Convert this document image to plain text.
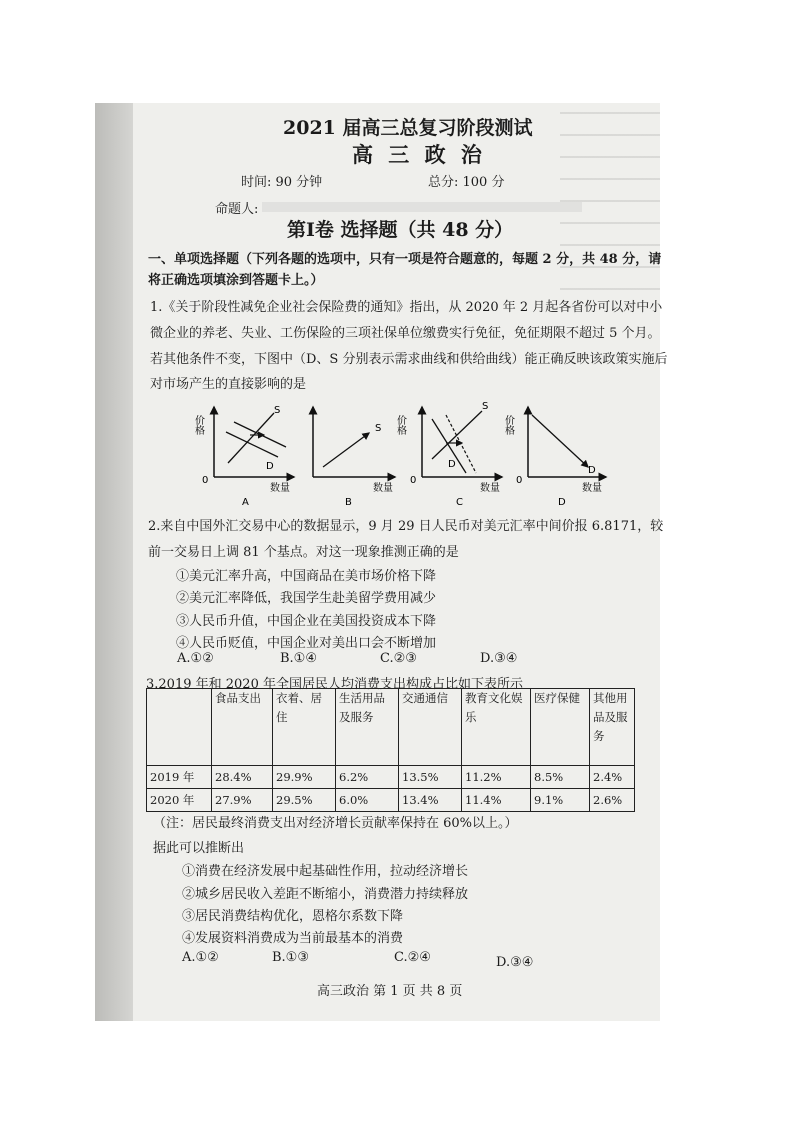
2021 届高三总复习阶段测试
高 三 政 治
时间: 90 分钟	总分: 100 分
命题人:
第Ⅰ卷 选择题（共 48 分）
一、单项选择题（下列各题的选项中，只有一项是符合题意的，每题 2 分，共 48 分，请
将正确选项填涂到答题卡上。）
1.《关于阶段性减免企业社会保险费的通知》指出，从 2020 年 2 月起各省份可以对中小
微企业的养老、失业、工伤保险的三项社保单位缴费实行免征，免征期限不超过 5 个月。
若其他条件不变，下图中（D、S 分别表示需求曲线和供给曲线）能正确反映该政策实施后
对市场产生的直接影响的是
价格
数量
0
S
D
A
S
数量
B
价格
S
D
0
数量
C
价格
D
0
数量
D
2.来自中国外汇交易中心的数据显示，9 月 29 日人民币对美元汇率中间价报 6.8171，较
前一交易日上调 81 个基点。对这一现象推测正确的是
①美元汇率升高，中国商品在美市场价格下降
②美元汇率降低，我国学生赴美留学费用减少
③人民币升值，中国企业在美国投资成本下降
④人民币贬值，中国企业对美出口会不断增加
A.①②	B.①④	C.②③	D.③④
3.2019 年和 2020 年全国居民人均消费支出构成占比如下表所示
	食品支出	衣着、居住	生活用品及服务	交通通信	教育文化娱乐	医疗保健	其他用品及服务
2019 年	28.4%	29.9%	6.2%	13.5%	11.2%	8.5%	2.4%
2020 年	27.9%	29.5%	6.0%	13.4%	11.4%	9.1%	2.6%
（注：居民最终消费支出对经济增长贡献率保持在 60%以上。）
据此可以推断出
①消费在经济发展中起基础性作用，拉动经济增长
②城乡居民收入差距不断缩小，消费潜力持续释放
③居民消费结构优化，恩格尔系数下降
④发展资料消费成为当前最基本的消费
A.①②	B.①③	C.②④	D.③④
高三政治 第 1 页 共 8 页
